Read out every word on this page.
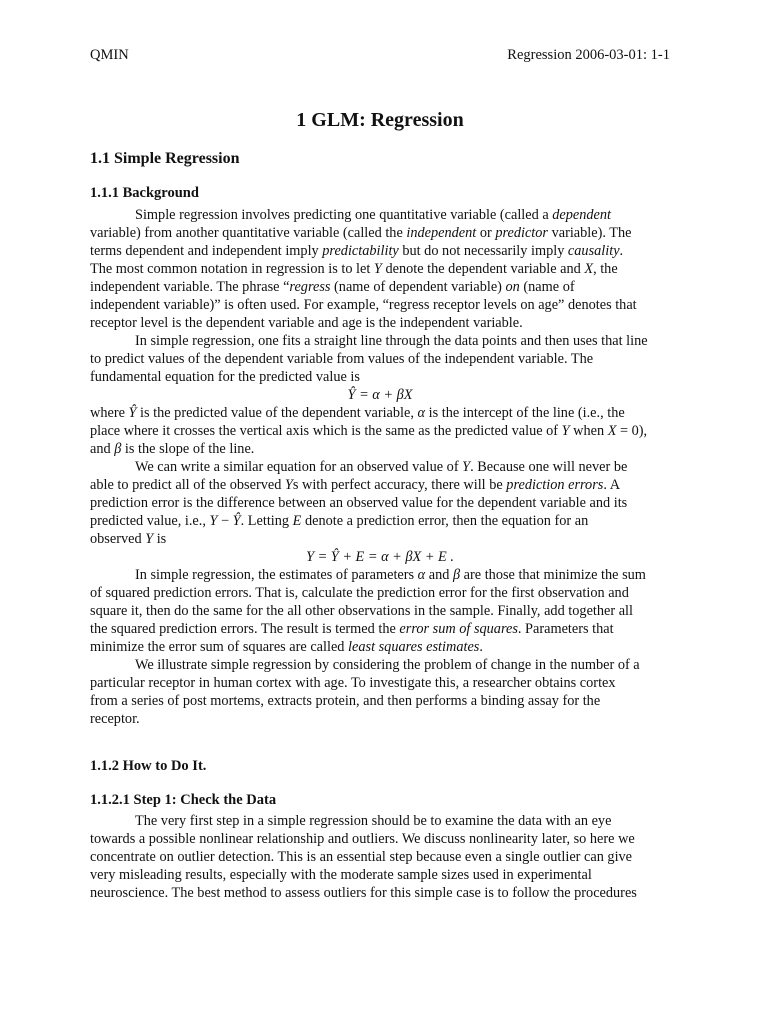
QMIN	Regression 2006-03-01: 1-1
1 GLM: Regression
1.1 Simple Regression
1.1.1 Background

Simple regression involves predicting one quantitative variable (called a dependent

variable) from another quantitative variable (called the independent or predictor variable). The

terms dependent and independent imply predictability but do not necessarily imply causality.

The most common notation in regression is to let Y denote the dependent variable and X, the

independent variable. The phrase “regress (name of dependent variable) on (name of

independent variable)” is often used. For example, “regress receptor levels on age” denotes that

receptor level is the dependent variable and age is the independent variable.

In simple regression, one fits a straight line through the data points and then uses that line

to predict values of the dependent variable from values of the independent variable. The

fundamental equation for the predicted value is

Ŷ = α + βX

where Ŷ is the predicted value of the dependent variable, α is the intercept of the line (i.e., the

place where it crosses the vertical axis which is the same as the predicted value of Y when X = 0),

and β is the slope of the line.

We can write a similar equation for an observed value of Y. Because one will never be

able to predict all of the observed Ys with perfect accuracy, there will be prediction errors. A

prediction error is the difference between an observed value for the dependent variable and its

predicted value, i.e., Y − Ŷ. Letting E denote a prediction error, then the equation for an

observed Y is

Y = Ŷ + E = α + βX + E .

In simple regression, the estimates of parameters α and β are those that minimize the sum

of squared prediction errors. That is, calculate the prediction error for the first observation and

square it, then do the same for the all other observations in the sample. Finally, add together all

the squared prediction errors. The result is termed the error sum of squares. Parameters that

minimize the error sum of squares are called least squares estimates.

We illustrate simple regression by considering the problem of change in the number of a

particular receptor in human cortex with age. To investigate this, a researcher obtains cortex

from a series of post mortems, extracts protein, and then performs a binding assay for the

receptor.

1.1.2 How to Do It.
1.1.2.1 Step 1: Check the Data

The very first step in a simple regression should be to examine the data with an eye

towards a possible nonlinear relationship and outliers. We discuss nonlinearity later, so here we

concentrate on outlier detection. This is an essential step because even a single outlier can give

very misleading results, especially with the moderate sample sizes used in experimental

neuroscience. The best method to assess outliers for this simple case is to follow the procedures
